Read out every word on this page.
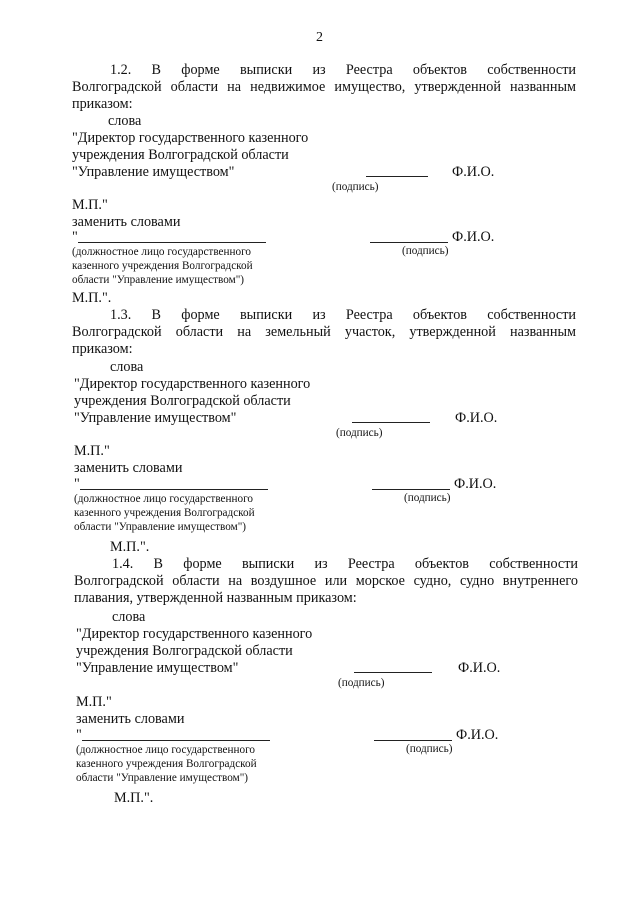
2
1.2. В форме выписки из Реестра объектов собственности
Волгоградской области на недвижимое имущество, утвержденной названным
приказом:
слова
"Директор государственного казенного
учреждения Волгоградской области
"Управление имуществом"	Ф.И.О.
(подпись)
М.П."
заменить словами
"	Ф.И.О.
(должностное лицо государственного	(подпись)
казенного учреждения Волгоградской
области "Управление имуществом")
М.П.".
1.3. В форме выписки из Реестра объектов собственности
Волгоградской области на земельный участок, утвержденной названным
приказом:
слова
"Директор государственного казенного
учреждения Волгоградской области
"Управление имуществом"	Ф.И.О.
(подпись)
М.П."
заменить словами
"	Ф.И.О.
(должностное лицо государственного	(подпись)
казенного учреждения Волгоградской
области "Управление имуществом")
М.П.".
1.4. В форме выписки из Реестра объектов собственности
Волгоградской области на воздушное или морское судно, судно внутреннего
плавания, утвержденной названным приказом:
слова
"Директор государственного казенного
учреждения Волгоградской области
"Управление имуществом"	Ф.И.О.
(подпись)
М.П."
заменить словами
"	Ф.И.О.
(должностное лицо государственного	(подпись)
казенного учреждения Волгоградской
области "Управление имуществом")
М.П.".
